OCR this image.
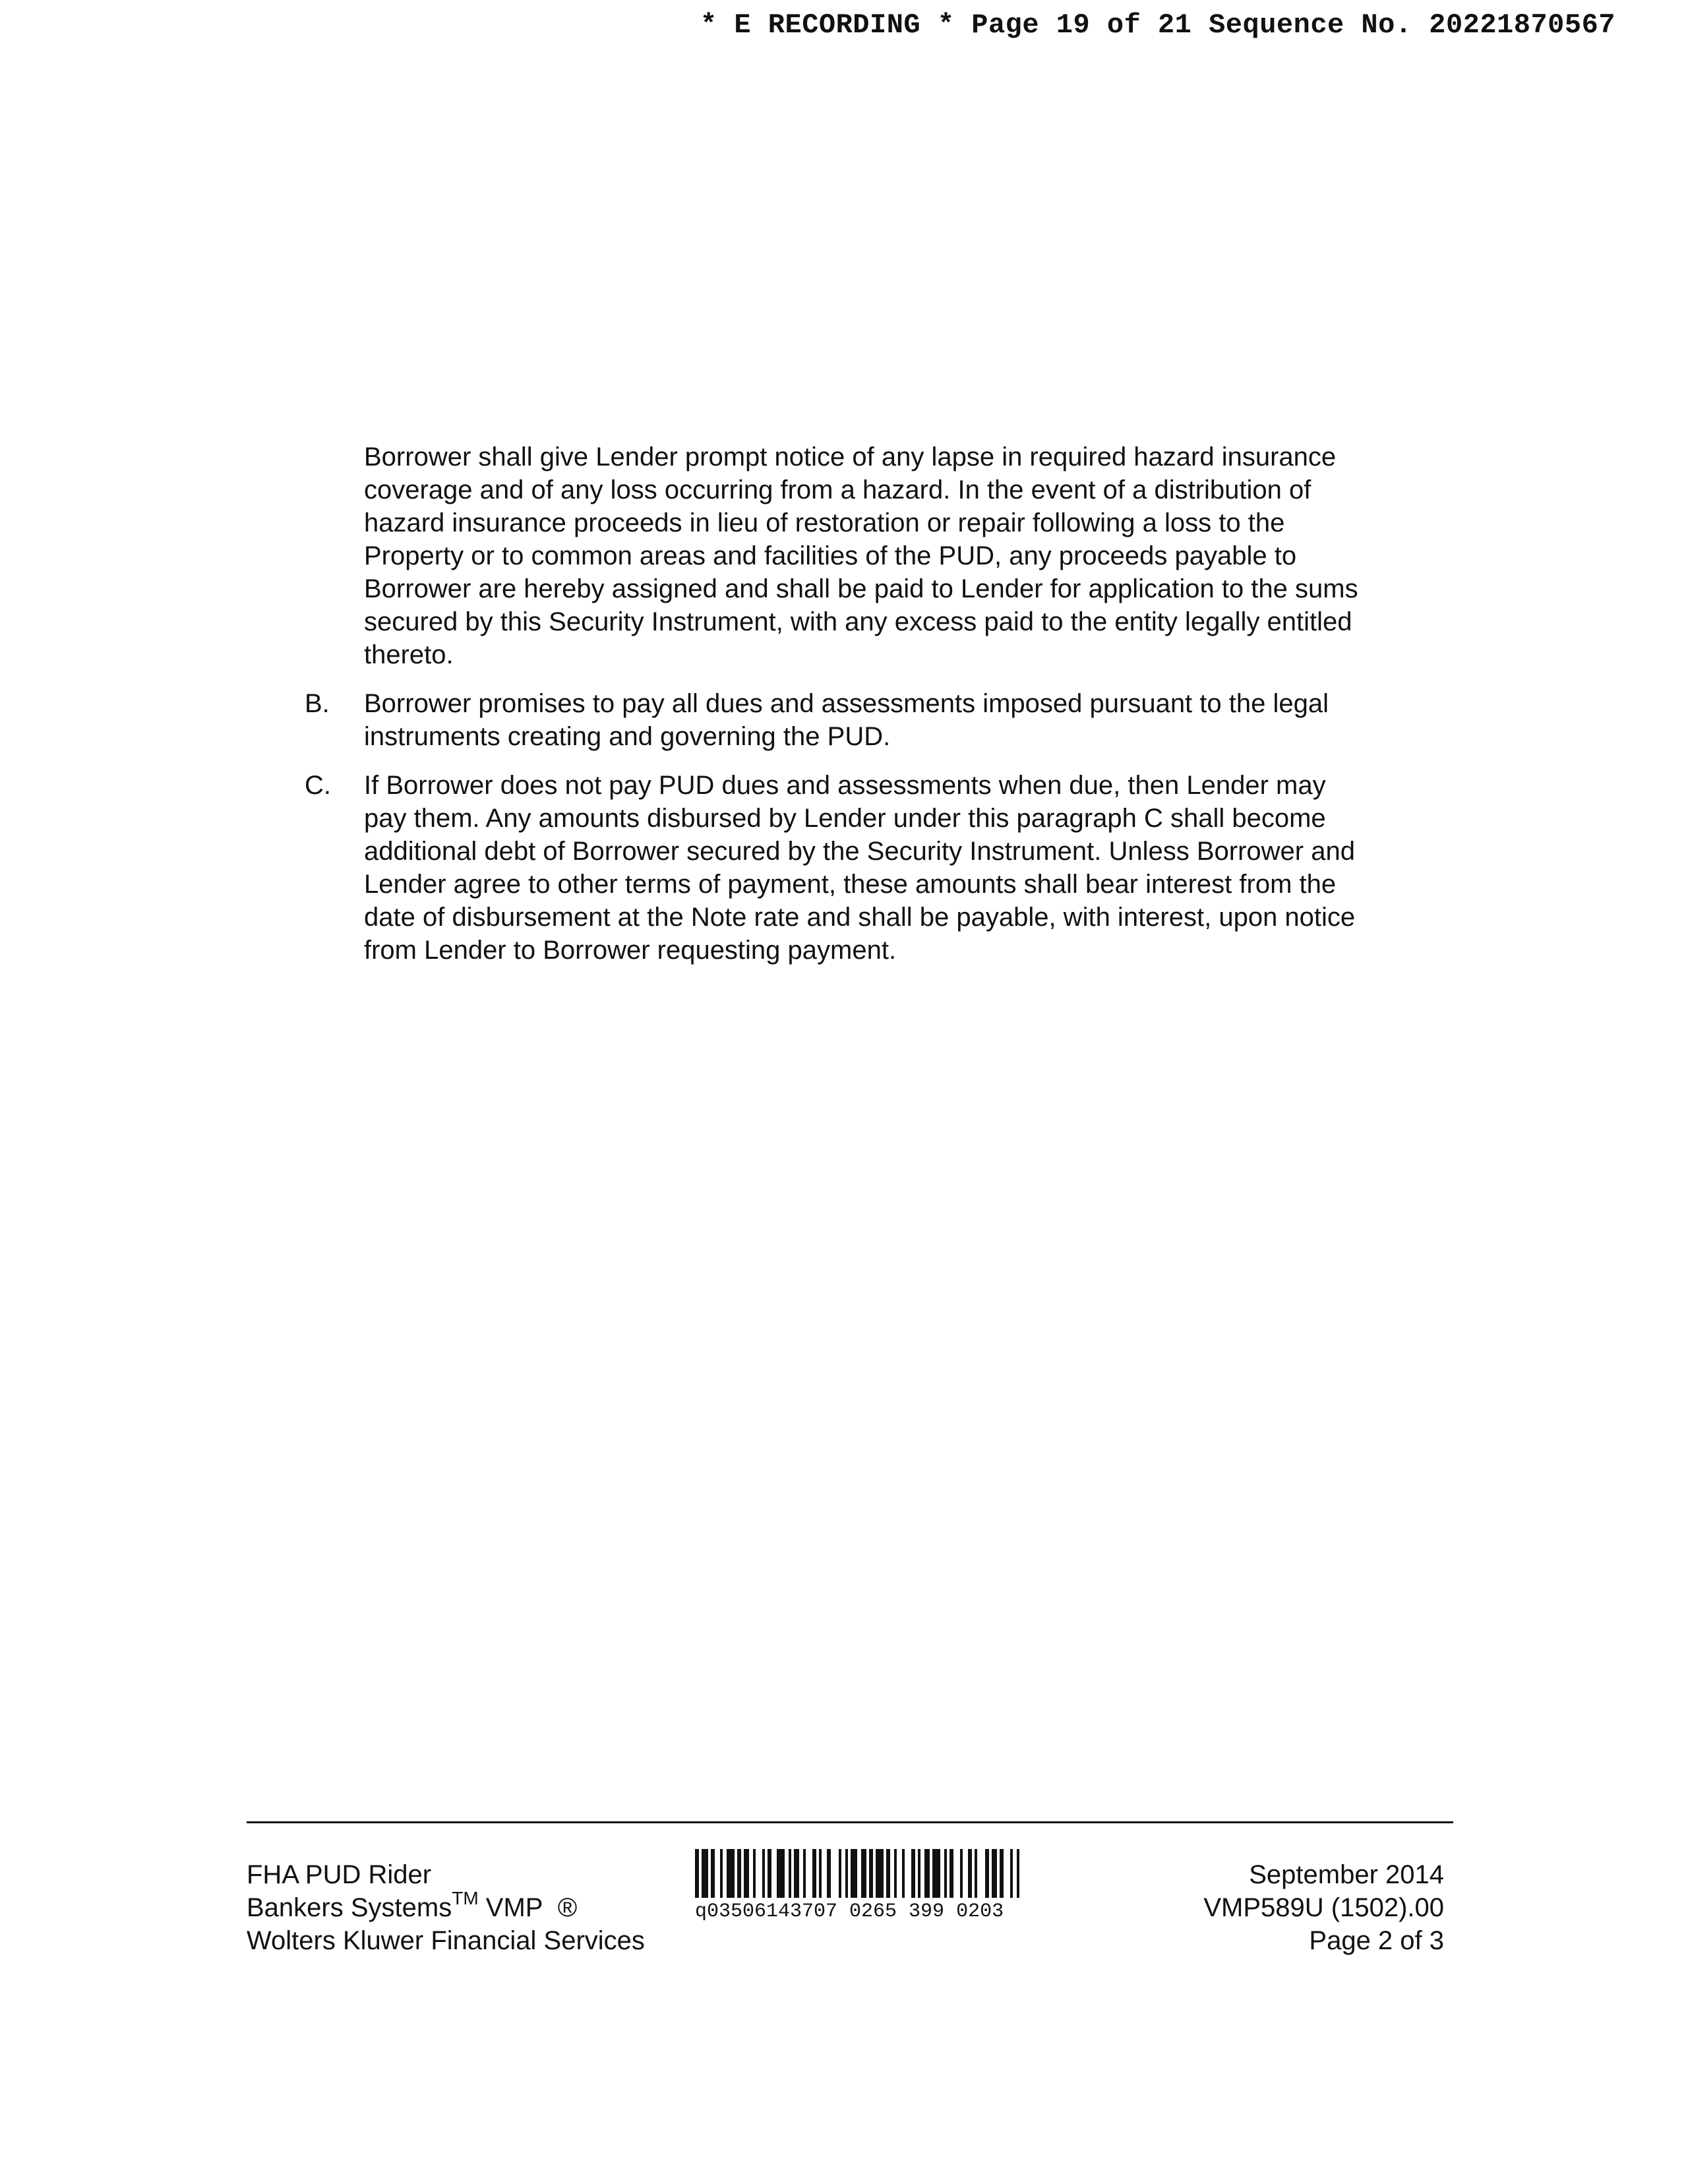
* E RECORDING * Page 19 of 21 Sequence No. 20221870567

Borrower shall give Lender prompt notice of any lapse in required hazard insurance coverage and of any loss occurring from a hazard. In the event of a distribution of hazard insurance proceeds in lieu of restoration or repair following a loss to the Property or to common areas and facilities of the PUD, any proceeds payable to Borrower are hereby assigned and shall be paid to Lender for application to the sums secured by this Security Instrument, with any excess paid to the entity legally entitled thereto.

B.	Borrower promises to pay all dues and assessments imposed pursuant to the legal instruments creating and governing the PUD.
C.	If Borrower does not pay PUD dues and assessments when due, then Lender may pay them. Any amounts disbursed by Lender under this paragraph C shall become additional debt of Borrower secured by the Security Instrument. Unless Borrower and Lender agree to other terms of payment, these amounts shall bear interest from the date of disbursement at the Note rate and shall be payable, with interest, upon notice from Lender to Borrower requesting payment.
FHA PUD Rider
Bankers Systems™ VMP ®
Wolters Kluwer Financial Services
q03506143707 0265 399 0203
September 2014
VMP589U (1502).00
Page 2 of 3
